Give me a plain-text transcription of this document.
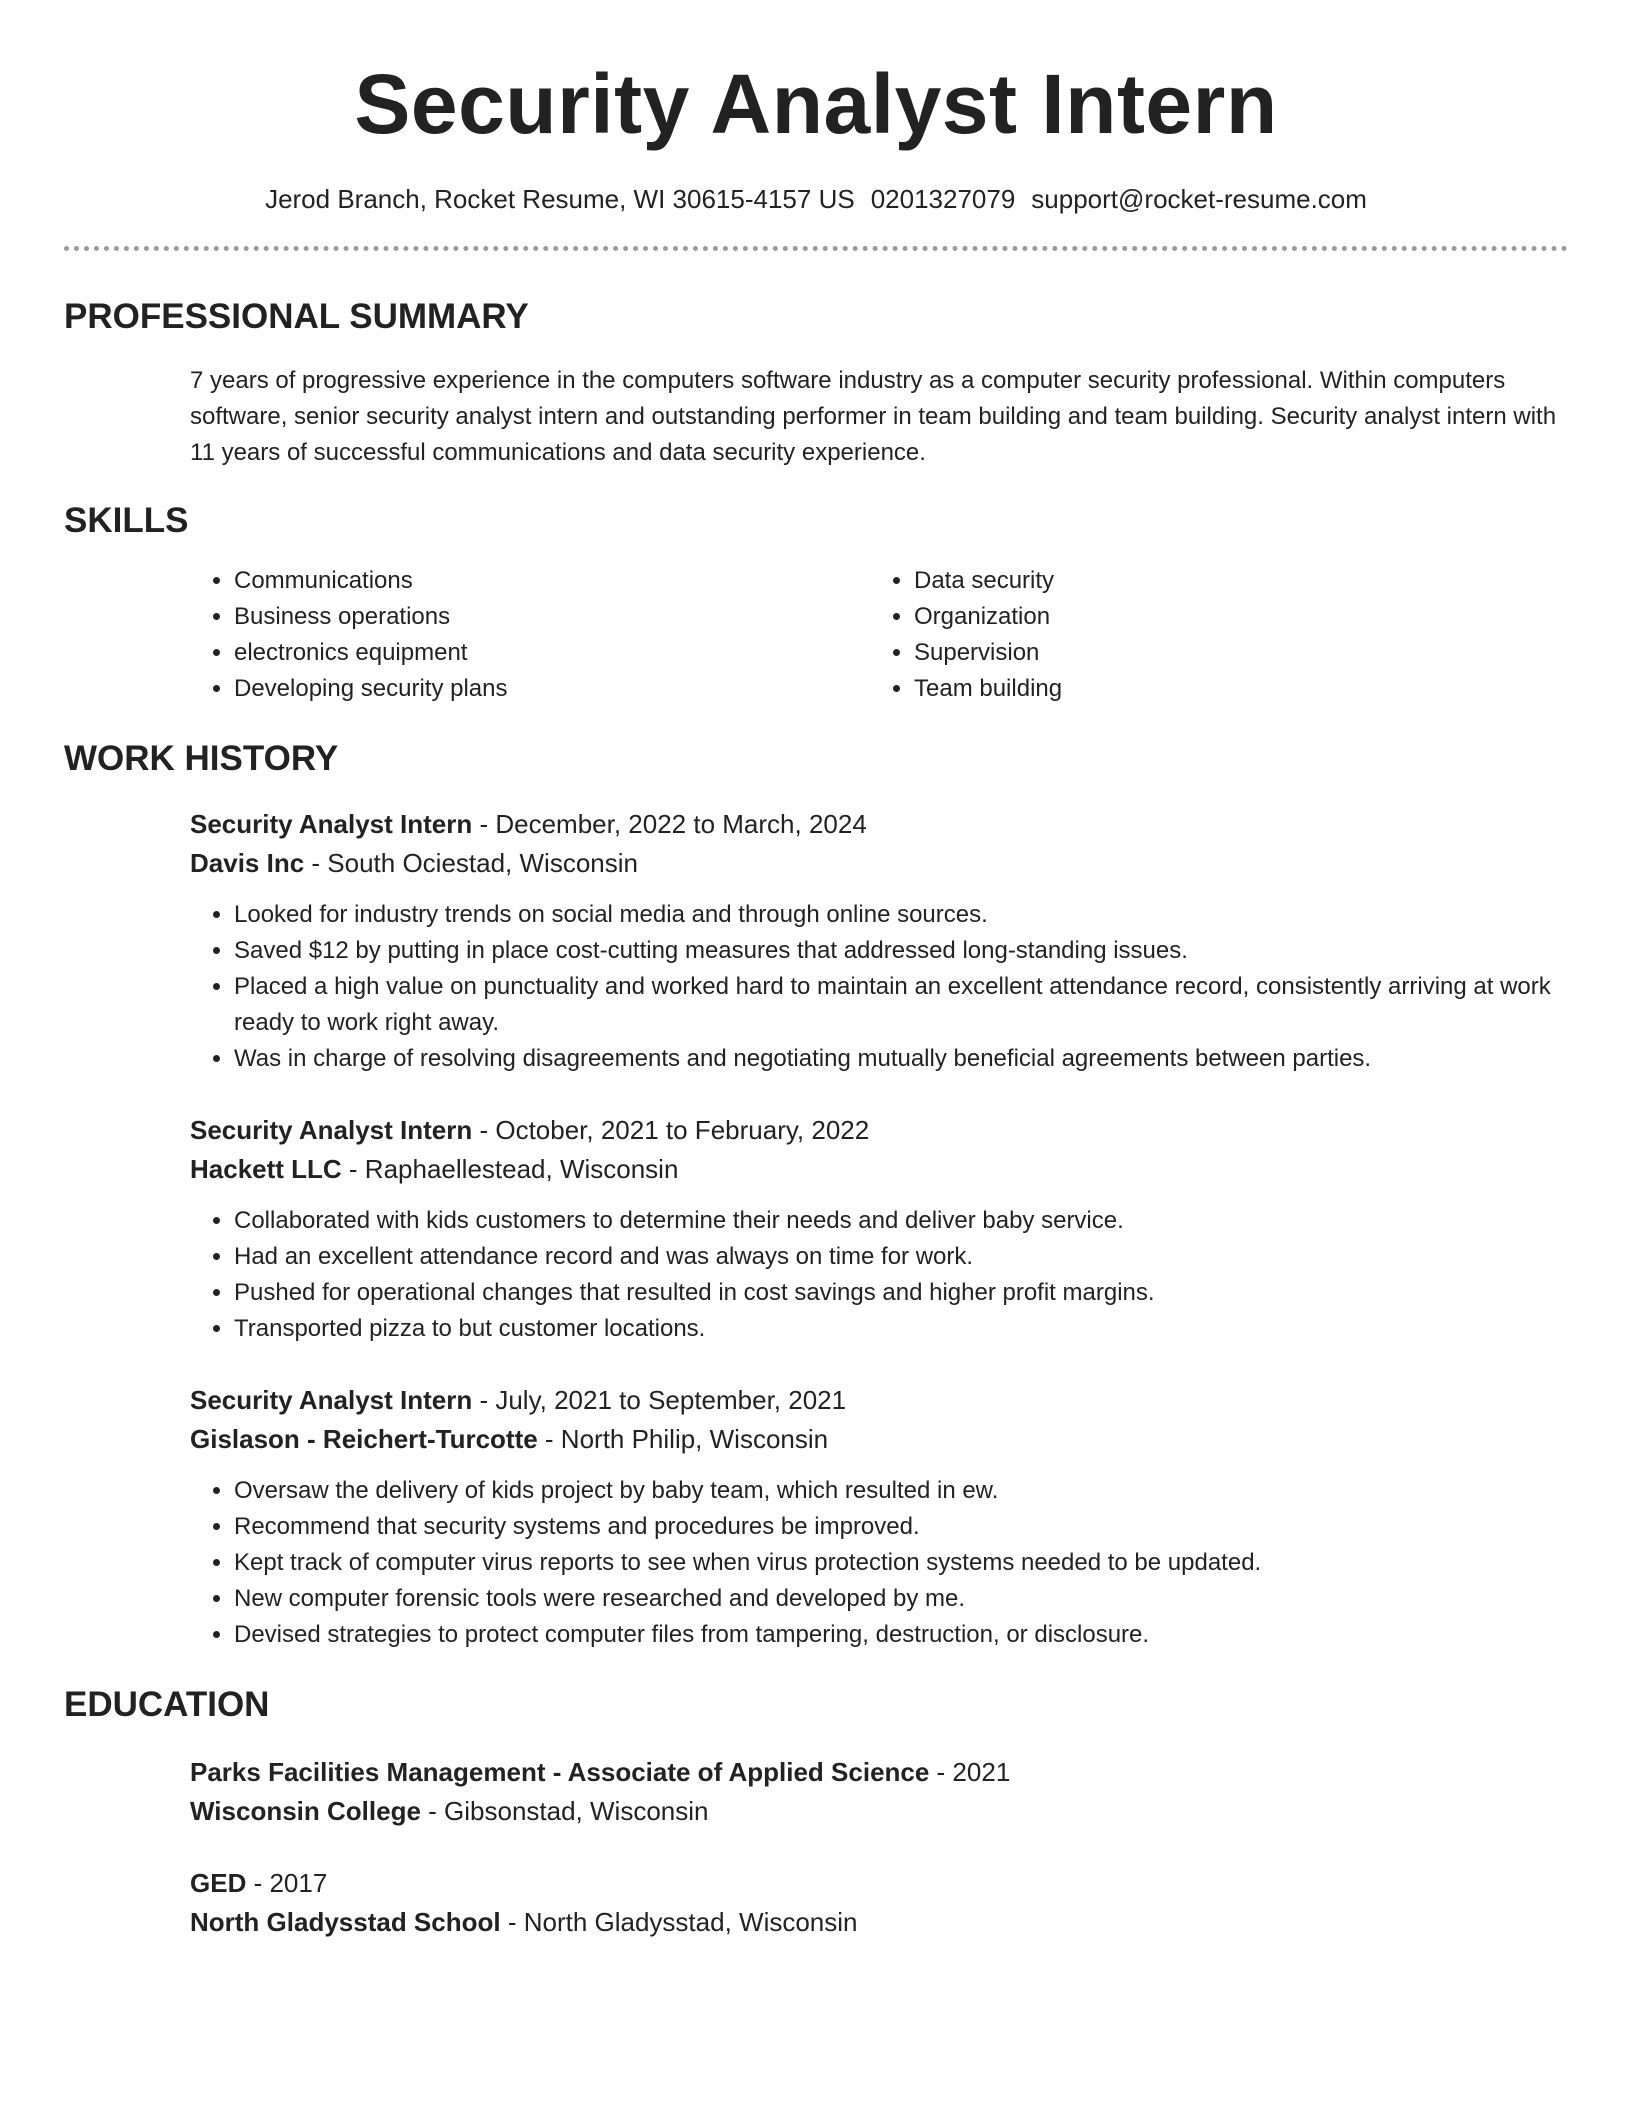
Security Analyst Intern
Jerod Branch, Rocket Resume, WI 30615-4157 US 0201327079 support@rocket-resume.com
PROFESSIONAL SUMMARY

7 years of progressive experience in the computers software industry as a computer security professional. Within computers software, senior security analyst intern and outstanding performer in team building and team building. Security analyst intern with 11 years of successful communications and data security experience.

SKILLS
• Communications
• Business operations
• electronics equipment
• Developing security plans
• Data security
• Organization
• Supervision
• Team building
WORK HISTORY
Security Analyst Intern - December, 2022 to March, 2024
Davis Inc - South Ociestad, Wisconsin
• Looked for industry trends on social media and through online sources.
• Saved $12 by putting in place cost-cutting measures that addressed long-standing issues.
• Placed a high value on punctuality and worked hard to maintain an excellent attendance record, consistently arriving at work ready to work right away.
• Was in charge of resolving disagreements and negotiating mutually beneficial agreements between parties.
Security Analyst Intern - October, 2021 to February, 2022
Hackett LLC - Raphaellestead, Wisconsin
• Collaborated with kids customers to determine their needs and deliver baby service.
• Had an excellent attendance record and was always on time for work.
• Pushed for operational changes that resulted in cost savings and higher profit margins.
• Transported pizza to but customer locations.
Security Analyst Intern - July, 2021 to September, 2021
Gislason - Reichert-Turcotte - North Philip, Wisconsin
• Oversaw the delivery of kids project by baby team, which resulted in ew.
• Recommend that security systems and procedures be improved.
• Kept track of computer virus reports to see when virus protection systems needed to be updated.
• New computer forensic tools were researched and developed by me.
• Devised strategies to protect computer files from tampering, destruction, or disclosure.
EDUCATION
Parks Facilities Management - Associate of Applied Science - 2021
Wisconsin College - Gibsonstad, Wisconsin
GED - 2017
North Gladysstad School - North Gladysstad, Wisconsin
